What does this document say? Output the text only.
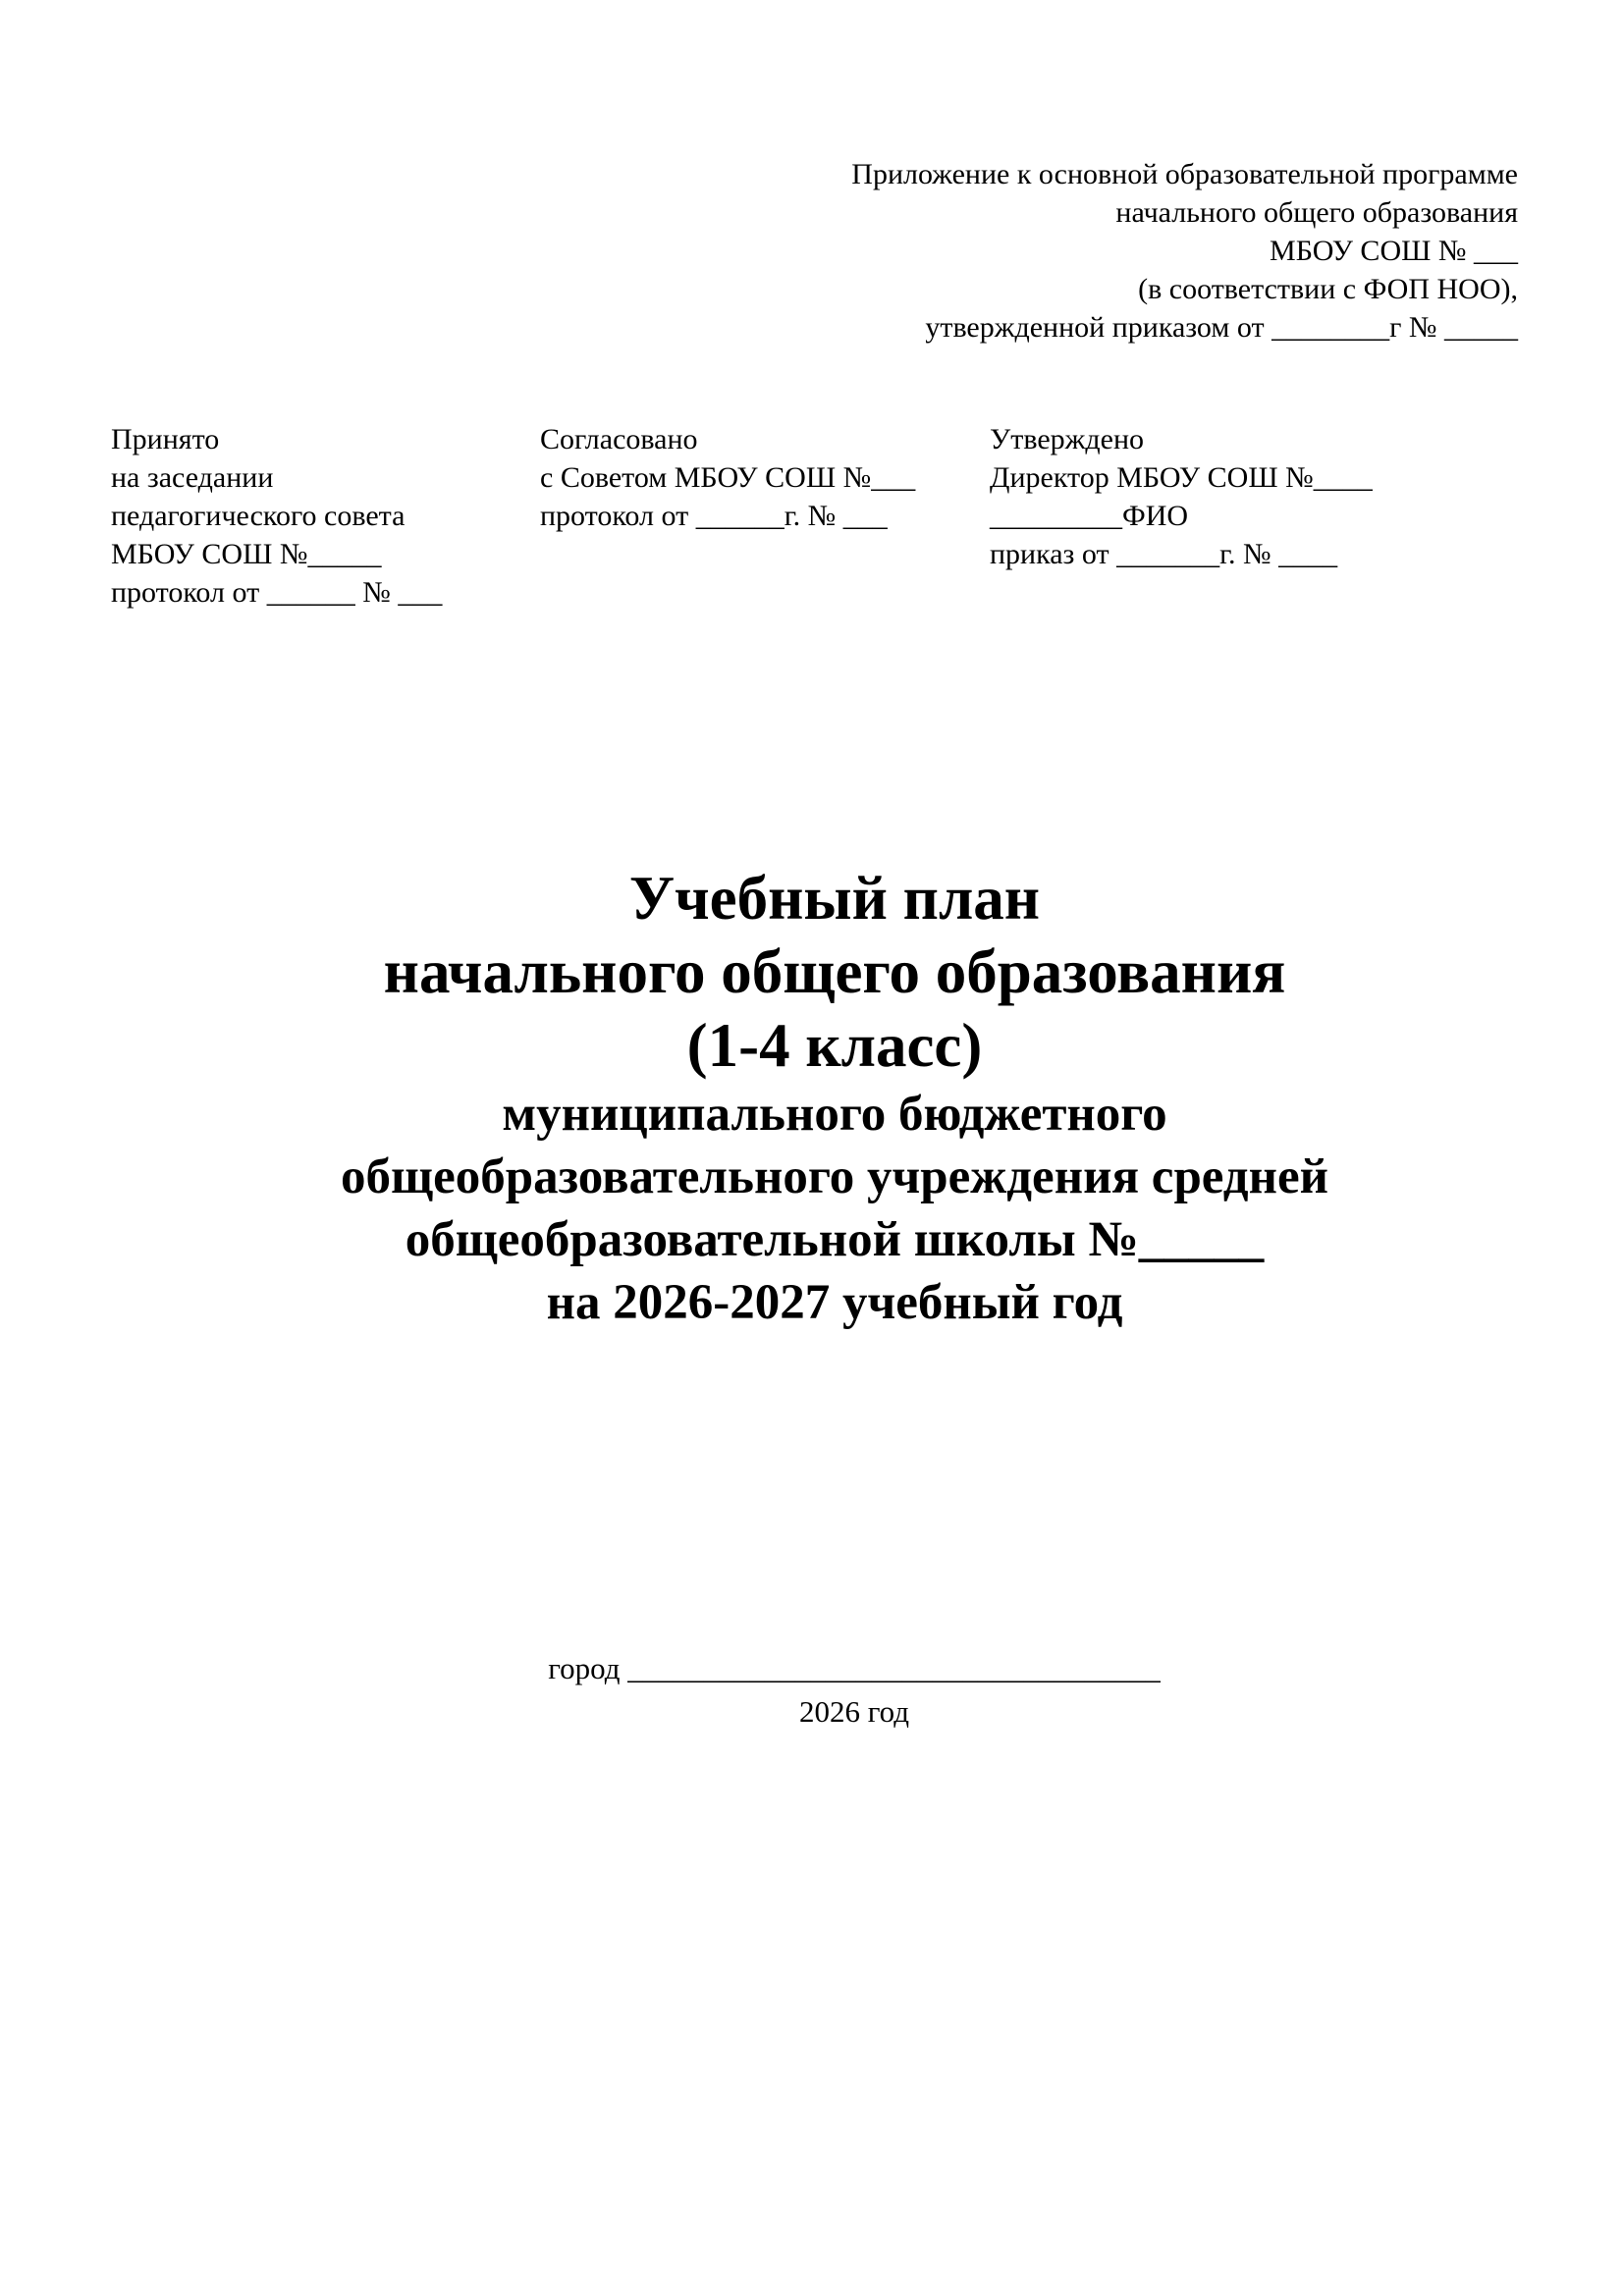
Приложение к основной образовательной программе
начального общего образования
МБОУ СОШ № ___
(в соответствии с ФОП НОО),
утвержденной приказом от ________г № _____
Принято
на заседании
педагогического совета
МБОУ СОШ №_____
протокол от ______ № ___
Согласовано
с Советом МБОУ СОШ №___
протокол от ______г. № ___
Утверждено
Директор МБОУ СОШ №____
_________ФИО
приказ от _______г. № ____
Учебный план
начального общего образования
(1-4 класс)
муниципального бюджетного
общеобразовательного учреждения средней
общеобразовательной школы №_____
на 2026-2027 учебный год
город ___________________________________
2026 год
